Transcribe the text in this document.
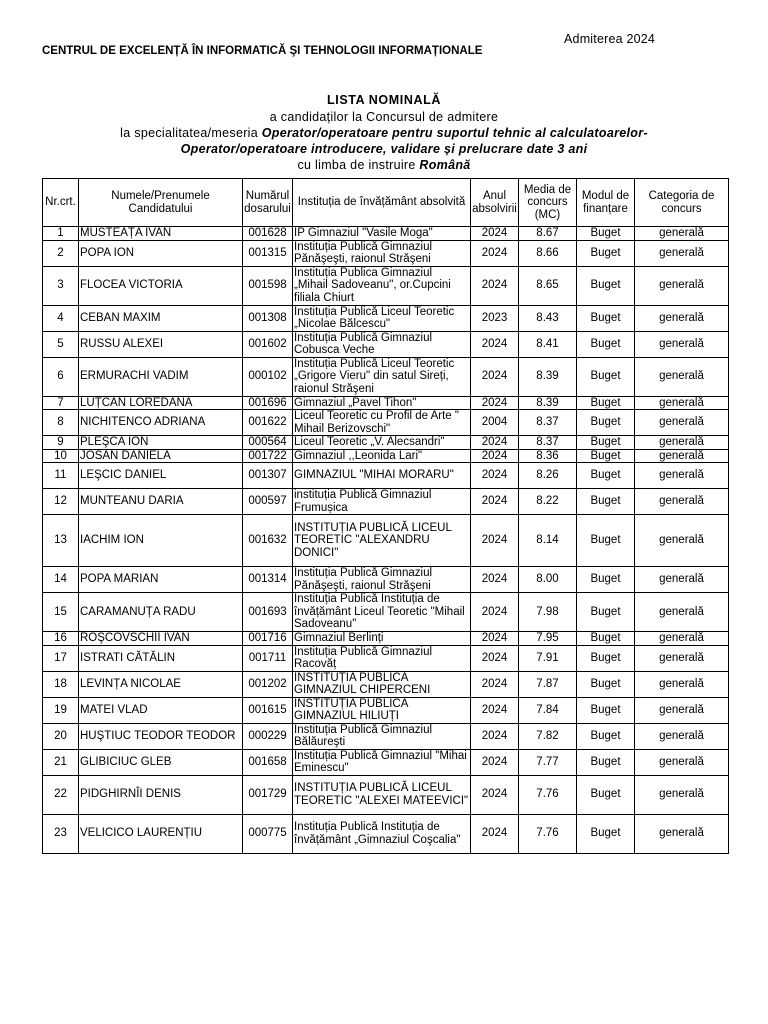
Admiterea 2024
CENTRUL DE EXCELENȚĂ ÎN INFORMATICĂ ŞI TEHNOLOGII INFORMAȚIONALE
LISTA NOMINALĂ
a candidaților la Concursul de admitere
la specialitatea/meseria Operator/operatoare pentru suportul tehnic al calculatoarelor-
Operator/operatoare introducere, validare și prelucrare date 3 ani
cu limba de instruire Română
Nr.crt.	Numele/Prenumele Candidatului	Numărul dosarului	Instituția de învățământ absolvită	Anul absolvirii	Media de concurs (MC)	Modul de finanțare	Categoria de concurs
1	MUSTEAȚA IVAN	001628	IP Gimnaziul "Vasile Moga"	2024	8.67	Buget	generală
2	POPA ION	001315	Instituția Publică Gimnaziul Pănăşeşti, raionul Străşeni	2024	8.66	Buget	generală
3	FLOCEA VICTORIA	001598	Instituția Publica Gimnaziul „Mihail Sadoveanu", or.Cupcini filiala Chiurt	2024	8.65	Buget	generală
4	CEBAN MAXIM	001308	Instituția Publică Liceul Teoretic „Nicolae Bălcescu"	2023	8.43	Buget	generală
5	RUSSU ALEXEI	001602	Instituția Publică Gimnaziul Cobusca Veche	2024	8.41	Buget	generală
6	ERMURACHI VADIM	000102	Instituția Publică Liceul Teoretic „Grigore Vieru" din satul Sireți, raionul Străşeni	2024	8.39	Buget	generală
7	LUȚCAN LOREDANA	001696	Gimnaziul „Pavel Tihon"	2024	8.39	Buget	generală
8	NICHITENCO ADRIANA	001622	Liceul Teoretic cu Profil de Arte " Mihail Berizovschi"	2004	8.37	Buget	generală
9	PLEŞCA ION	000564	Liceul Teoretic „V. Alecsandri"	2024	8.37	Buget	generală
10	JOSAN DANIELA	001722	Gimnaziul ,,Leonida Lari"	2024	8.36	Buget	generală
11	LEŞCIC DANIEL	001307	GIMNAZIUL "MIHAI MORARU"	2024	8.26	Buget	generală
12	MUNTEANU DARIA	000597	instituția Publică Gimnaziul Frumușica	2024	8.22	Buget	generală
13	IACHIM ION	001632	INSTITUȚIA PUBLICĂ LICEUL TEORETIC "ALEXANDRU DONICI"	2024	8.14	Buget	generală
14	POPA MARIAN	001314	Instituția Publică Gimnaziul Pănăşeşti, raionul Străşeni	2024	8.00	Buget	generală
15	CARAMANUȚA RADU	001693	Instituția Publică Instituția de învățământ Liceul Teoretic "Mihail Sadoveanu"	2024	7.98	Buget	generală
16	ROŞCOVSCHII IVAN	001716	Gimnaziul Berlinți	2024	7.95	Buget	generală
17	ISTRATI CĂTĂLIN	001711	Instituția Publică Gimnaziul Racovăț	2024	7.91	Buget	generală
18	LEVINȚA NICOLAE	001202	INSTITUȚIA PUBLICĂ GIMNAZIUL CHIPERCENI	2024	7.87	Buget	generală
19	MATEI VLAD	001615	INSTITUȚIA PUBLICĂ GIMNAZIUL HILIUȚI	2024	7.84	Buget	generală
20	HUŞTIUC TEODOR TEODOR	000229	Instituția Publică Gimnaziul Bălăureşti	2024	7.82	Buget	generală
21	GLIBICIUC GLEB	001658	Instituția Publică Gimnaziul "Mihai Eminescu"	2024	7.77	Buget	generală
22	PIDGHIRNÎI DENIS	001729	INSTITUȚIA PUBLICĂ LICEUL TEORETIC "ALEXEI MATEEVICI"	2024	7.76	Buget	generală
23	VELICICO LAURENȚIU	000775	Instituția Publică Instituția de învățământ „Gimnaziul Coşcalia"	2024	7.76	Buget	generală
